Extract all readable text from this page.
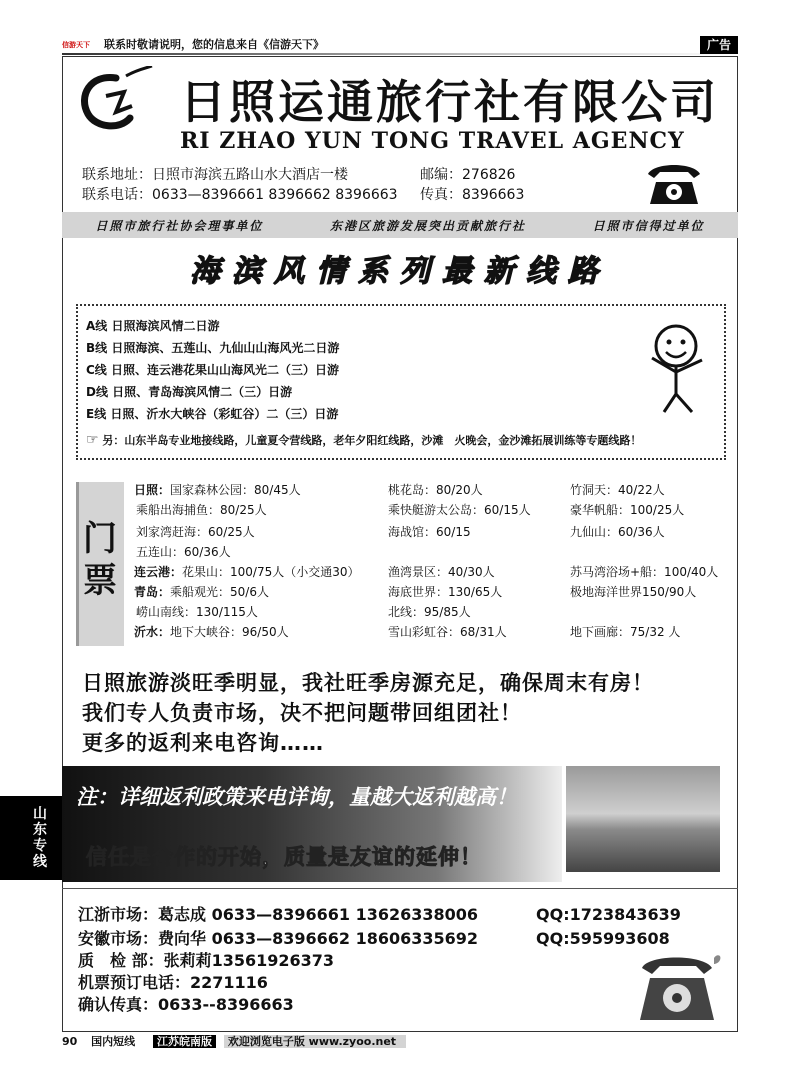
信游天下	联系时敬请说明，您的信息来自《信游天下》	广告
日照运通旅行社有限公司
RI ZHAO YUN TONG TRAVEL AGENCY
联系地址：日照市海滨五路山水大酒店一楼	邮编：276826
联系电话：0633—8396661 8396662 8396663 传真：8396663
日照市旅行社协会理事单位	东港区旅游发展突出贡献旅行社	日照市信得过单位
海滨风情系列最新线路
A线 日照海滨风情二日游
B线 日照海滨、五莲山、九仙山山海风光二日游
C线 日照、连云港花果山山海风光二（三）日游
D线 日照、青岛海滨风情二（三）日游
E线 日照、沂水大峡谷（彩虹谷）二（三）日游
☞ 另：山东半岛专业地接线路，儿童夏令营线路，老年夕阳红线路，沙滩　火晚会，金沙滩拓展训练等专题线路！
门票
日照：国家森林公园：80/45人	桃花岛：80/20人	竹洞天：40/22人
乘船出海捕鱼：80/25人	乘快艇游太公岛：60/15人	豪华帆船：100/25人
刘家湾赶海：60/25人	海战馆：60/15	九仙山：60/36人
五连山：60/36人
连云港：花果山：100/75人（小交通30） 渔湾景区：40/30人	苏马湾浴场+船：100/40人
青岛：乘船观光：50/6人	海底世界：130/65人	极地海洋世界150/90人
崂山南线：130/115人	北线：95/85人
沂水：地下大峡谷：96/50人	雪山彩虹谷：68/31人	地下画廊：75/32 人
日照旅游淡旺季明显，我社旺季房源充足，确保周末有房！
我们专人负责市场，决不把问题带回组团社！
更多的返利来电咨询……
注：详细返利政策来电详询，量越大返利越高！
信任是合作的开始，质量是友谊的延伸！
江浙市场：葛志成 0633—8396661 13626338006	QQ:1723843639
安徽市场：费向华 0633—8396662 18606335692	QQ:595993608
质　检 部：张莉莉13561926373
机票预订电话：2271116
确认传真：0633--8396663
山东专线
90 国内短线 江苏皖南版 欢迎浏览电子版 www.zyoo.net
